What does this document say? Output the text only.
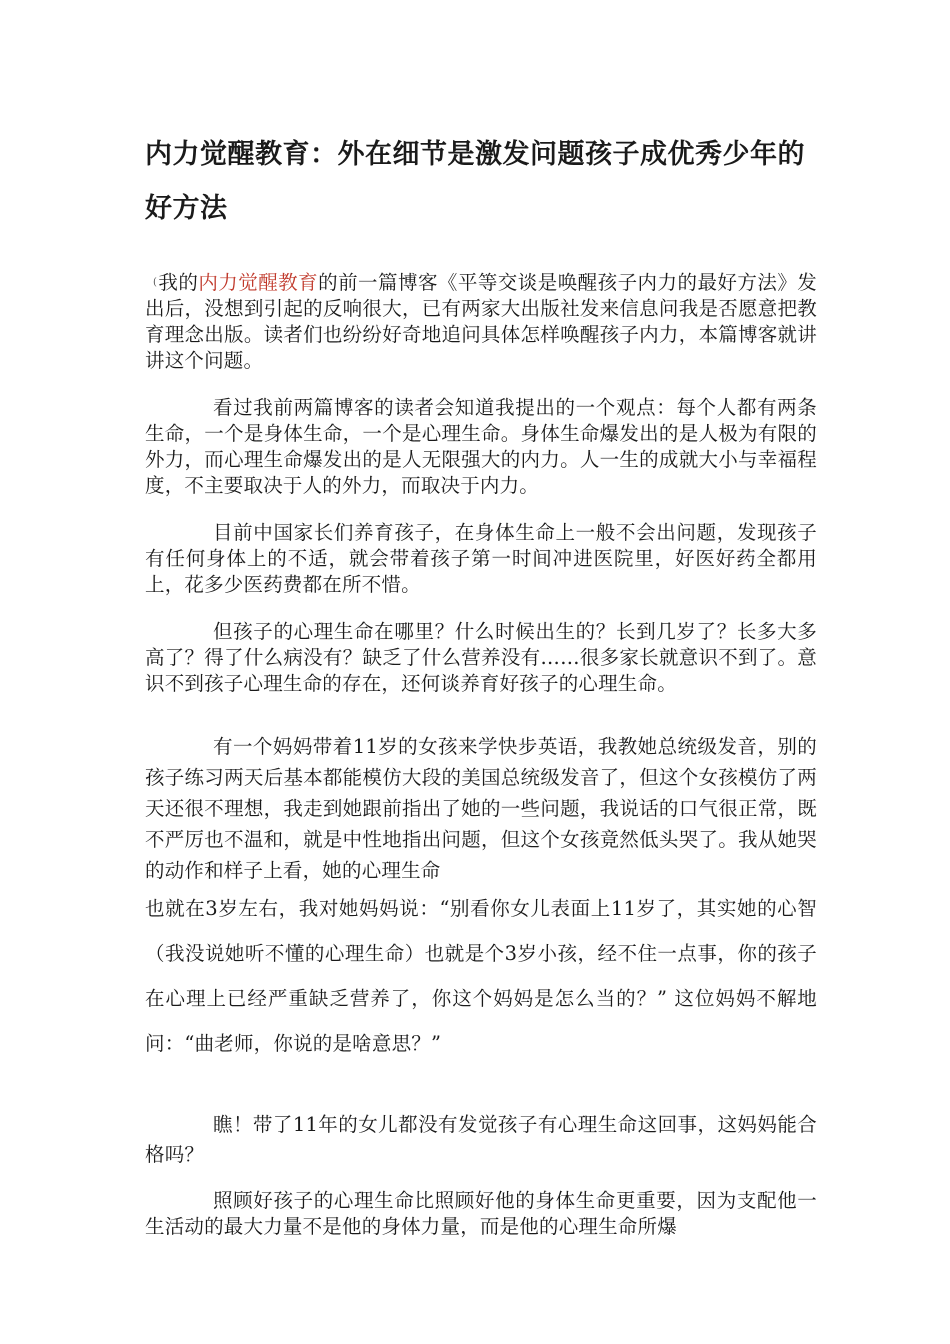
内力觉醒教育：外在细节是激发问题孩子成优秀少年的好方法

(我的内力觉醒教育的前一篇博客《平等交谈是唤醒孩子内力的最好方法》发出后，没想到引起的反响很大，已有两家大出版社发来信息问我是否愿意把教育理念出版。读者们也纷纷好奇地追问具体怎样唤醒孩子内力，本篇博客就讲讲这个问题。

看过我前两篇博客的读者会知道我提出的一个观点：每个人都有两条生命，一个是身体生命，一个是心理生命。身体生命爆发出的是人极为有限的外力，而心理生命爆发出的是人无限强大的内力。人一生的成就大小与幸福程度，不主要取决于人的外力，而取决于内力。

目前中国家长们养育孩子，在身体生命上一般不会出问题，发现孩子有任何身体上的不适，就会带着孩子第一时间冲进医院里，好医好药全都用上，花多少医药费都在所不惜。

但孩子的心理生命在哪里？什么时候出生的？长到几岁了？长多大多高了？得了什么病没有？缺乏了什么营养没有……很多家长就意识不到了。意识不到孩子心理生命的存在，还何谈养育好孩子的心理生命。

有一个妈妈带着11岁的女孩来学快步英语，我教她总统级发音，别的孩子练习两天后基本都能模仿大段的美国总统级发音了，但这个女孩模仿了两天还很不理想，我走到她跟前指出了她的一些问题，我说话的口气很正常，既不严厉也不温和，就是中性地指出问题，但这个女孩竟然低头哭了。我从她哭的动作和样子上看，她的心理生命

也就在3岁左右，我对她妈妈说：“别看你女儿表面上11岁了，其实她的心智（我没说她听不懂的心理生命）也就是个3岁小孩，经不住一点事，你的孩子在心理上已经严重缺乏营养了，你这个妈妈是怎么当的？” 这位妈妈不解地问：“曲老师，你说的是啥意思？”

瞧！带了11年的女儿都没有发觉孩子有心理生命这回事，这妈妈能合格吗？

照顾好孩子的心理生命比照顾好他的身体生命更重要，因为支配他一生活动的最大力量不是他的身体力量，而是他的心理生命所爆
